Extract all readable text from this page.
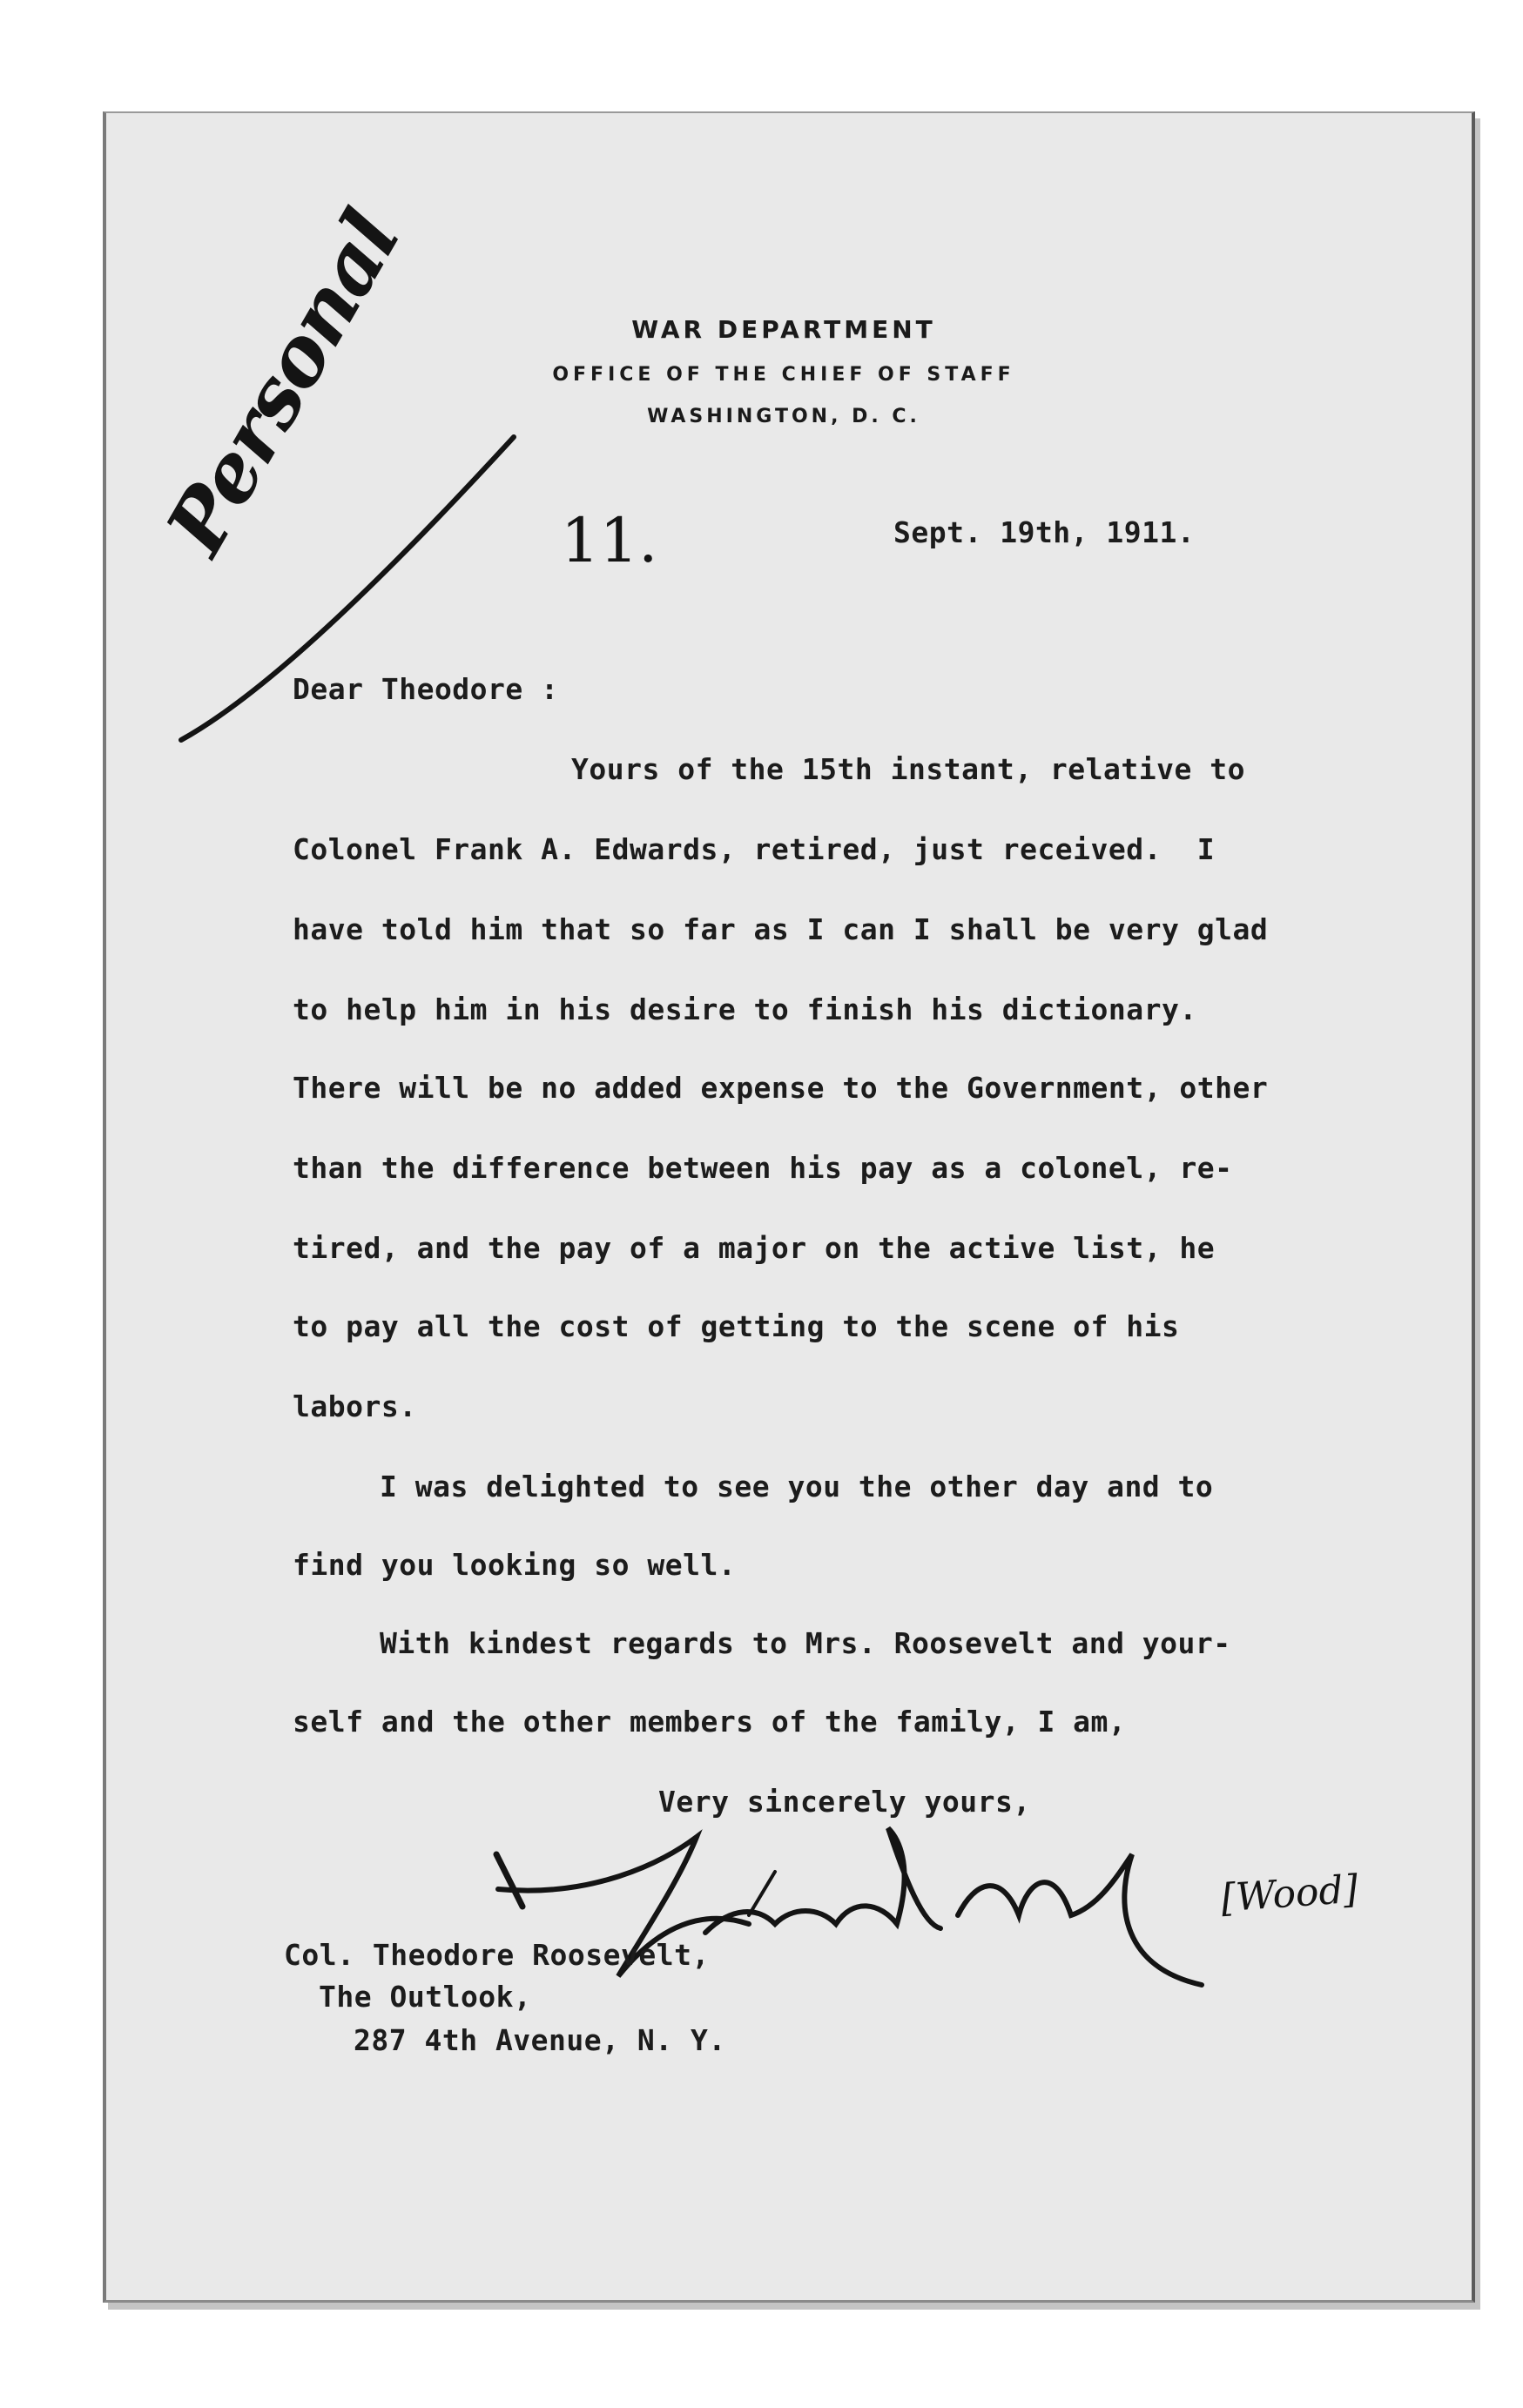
WAR DEPARTMENT
OFFICE OF THE CHIEF OF STAFF
WASHINGTON, D. C.
Personal 11.	Sept. 19th, 1911.
Dear Theodore :
Yours of the 15th instant, relative to
Colonel Frank A. Edwards, retired, just received.  I
have told him that so far as I can I shall be very glad
to help him in his desire to finish his dictionary.
There will be no added expense to the Government, other
than the difference between his pay as a colonel, re-
tired, and the pay of a major on the active list, he
to pay all the cost of getting to the scene of his
labors.
I was delighted to see you the other day and to
find you looking so well.
With kindest regards to Mrs. Roosevelt and your-
self and the other members of the family, I am,
Very sincerely yours,
[Wood]
Col. Theodore Roosevelt,
The Outlook,
287 4th Avenue, N. Y.
